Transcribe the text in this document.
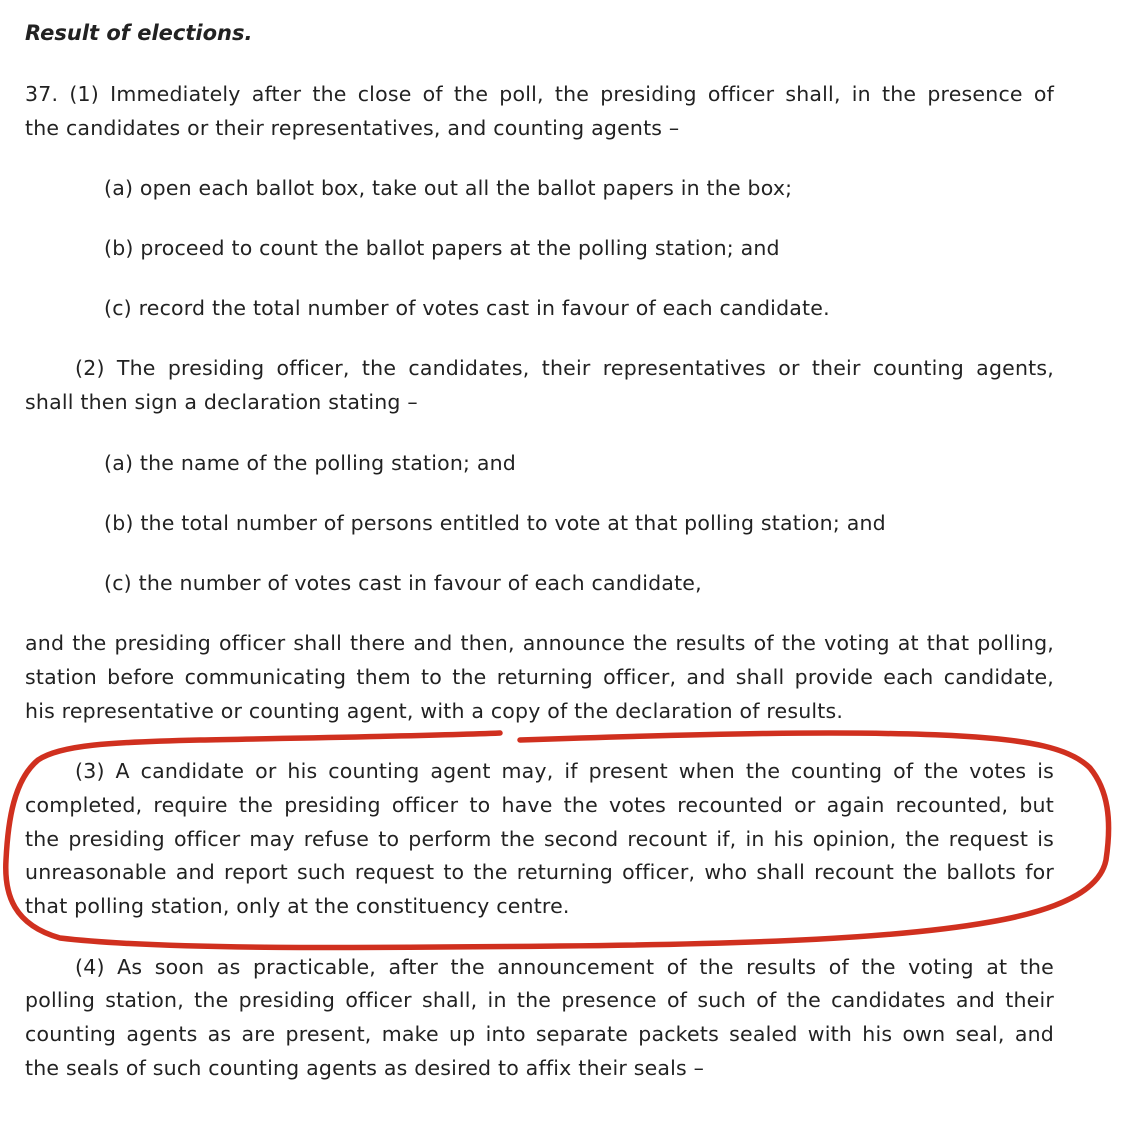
Result of elections.
37. (1) Immediately after the close of the poll, the presiding officer shall, in the presence of
the candidates or their representatives, and counting agents –
(a) open each ballot box, take out all the ballot papers in the box;
(b) proceed to count the ballot papers at the polling station; and
(c) record the total number of votes cast in favour of each candidate.
(2) The presiding officer, the candidates, their representatives or their counting agents,
shall then sign a declaration stating –
(a) the name of the polling station; and
(b) the total number of persons entitled to vote at that polling station; and
(c) the number of votes cast in favour of each candidate,
and the presiding officer shall there and then, announce the results of the voting at that polling,
station before communicating them to the returning officer, and shall provide each candidate,
his representative or counting agent, with a copy of the declaration of results.
(3) A candidate or his counting agent may, if present when the counting of the votes is
completed, require the presiding officer to have the votes recounted or again recounted, but
the presiding officer may refuse to perform the second recount if, in his opinion, the request is
unreasonable and report such request to the returning officer, who shall recount the ballots for
that polling station, only at the constituency centre.
(4) As soon as practicable, after the announcement of the results of the voting at the
polling station, the presiding officer shall, in the presence of such of the candidates and their
counting agents as are present, make up into separate packets sealed with his own seal, and
the seals of such counting agents as desired to affix their seals –
